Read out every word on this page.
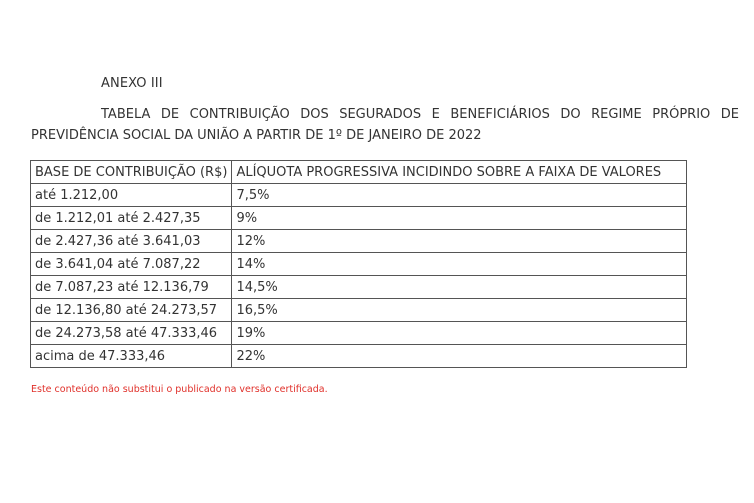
ANEXO III
TABELA DE CONTRIBUIÇÃO DOS SEGURADOS E BENEFICIÁRIOS DO REGIME PRÓPRIO DE PREVIDÊNCIA SOCIAL DA UNIÃO A PARTIR DE 1º DE JANEIRO DE 2022
BASE DE CONTRIBUIÇÃO (R$)	ALÍQUOTA PROGRESSIVA INCIDINDO SOBRE A FAIXA DE VALORES
até 1.212,00	7,5%
de 1.212,01 até 2.427,35	9%
de 2.427,36 até 3.641,03	12%
de 3.641,04 até 7.087,22	14%
de 7.087,23 até 12.136,79	14,5%
de 12.136,80 até 24.273,57	16,5%
de 24.273,58 até 47.333,46	19%
acima de 47.333,46	22%
Este conteúdo não substitui o publicado na versão certificada.
